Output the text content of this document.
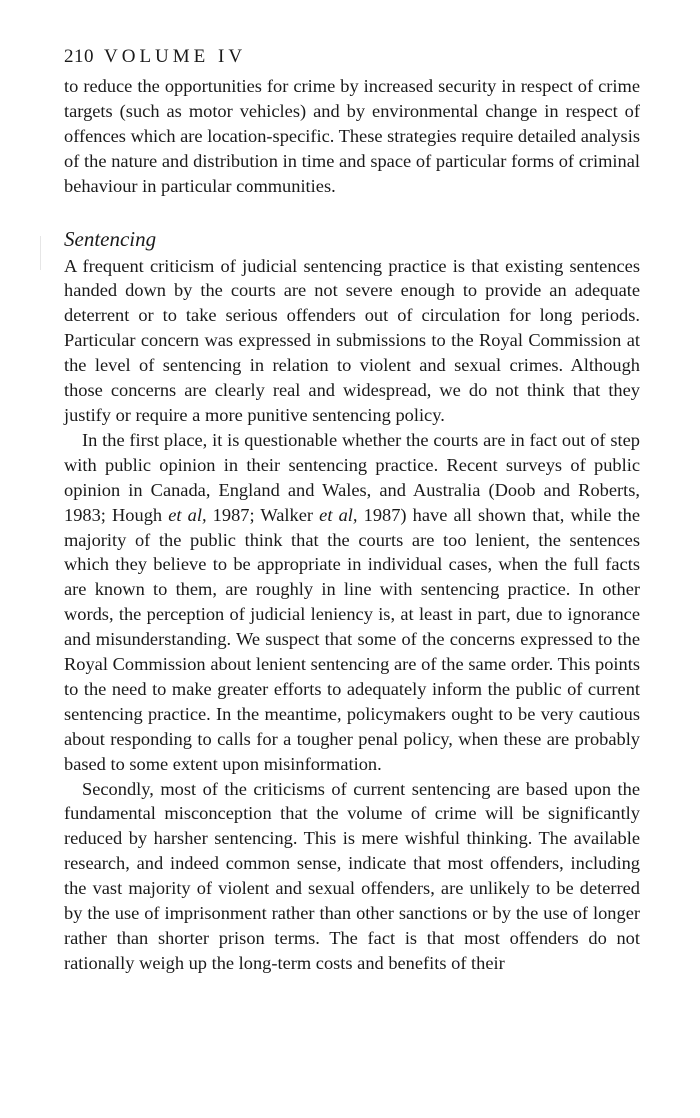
210 VOLUME IV

to reduce the opportunities for crime by increased security in respect of crime targets (such as motor vehicles) and by environmental change in respect of offences which are location-specific. These strategies require detailed analysis of the nature and distribution in time and space of particular forms of criminal behaviour in particular communities.

Sentencing

A frequent criticism of judicial sentencing practice is that existing sentences handed down by the courts are not severe enough to provide an adequate deterrent or to take serious offenders out of circulation for long periods. Particular concern was expressed in submissions to the Royal Commission at the level of sentencing in relation to violent and sexual crimes. Although those concerns are clearly real and widespread, we do not think that they justify or require a more punitive sentencing policy.

In the first place, it is questionable whether the courts are in fact out of step with public opinion in their sentencing practice. Recent surveys of public opinion in Canada, England and Wales, and Australia (Doob and Roberts, 1983; Hough et al, 1987; Walker et al, 1987) have all shown that, while the majority of the public think that the courts are too lenient, the sentences which they believe to be appropriate in individual cases, when the full facts are known to them, are roughly in line with sentencing practice. In other words, the perception of judicial leniency is, at least in part, due to ignorance and misunderstanding. We suspect that some of the concerns expressed to the Royal Commission about lenient sentencing are of the same order. This points to the need to make greater efforts to adequately inform the public of current sentencing practice. In the meantime, policymakers ought to be very cautious about responding to calls for a tougher penal policy, when these are probably based to some extent upon misinformation.

Secondly, most of the criticisms of current sentencing are based upon the fundamental misconception that the volume of crime will be significantly reduced by harsher sentencing. This is mere wishful thinking. The available research, and indeed common sense, indicate that most offenders, including the vast majority of violent and sexual offenders, are unlikely to be deterred by the use of imprisonment rather than other sanctions or by the use of longer rather than shorter prison terms. The fact is that most offenders do not rationally weigh up the long-term costs and benefits of their
